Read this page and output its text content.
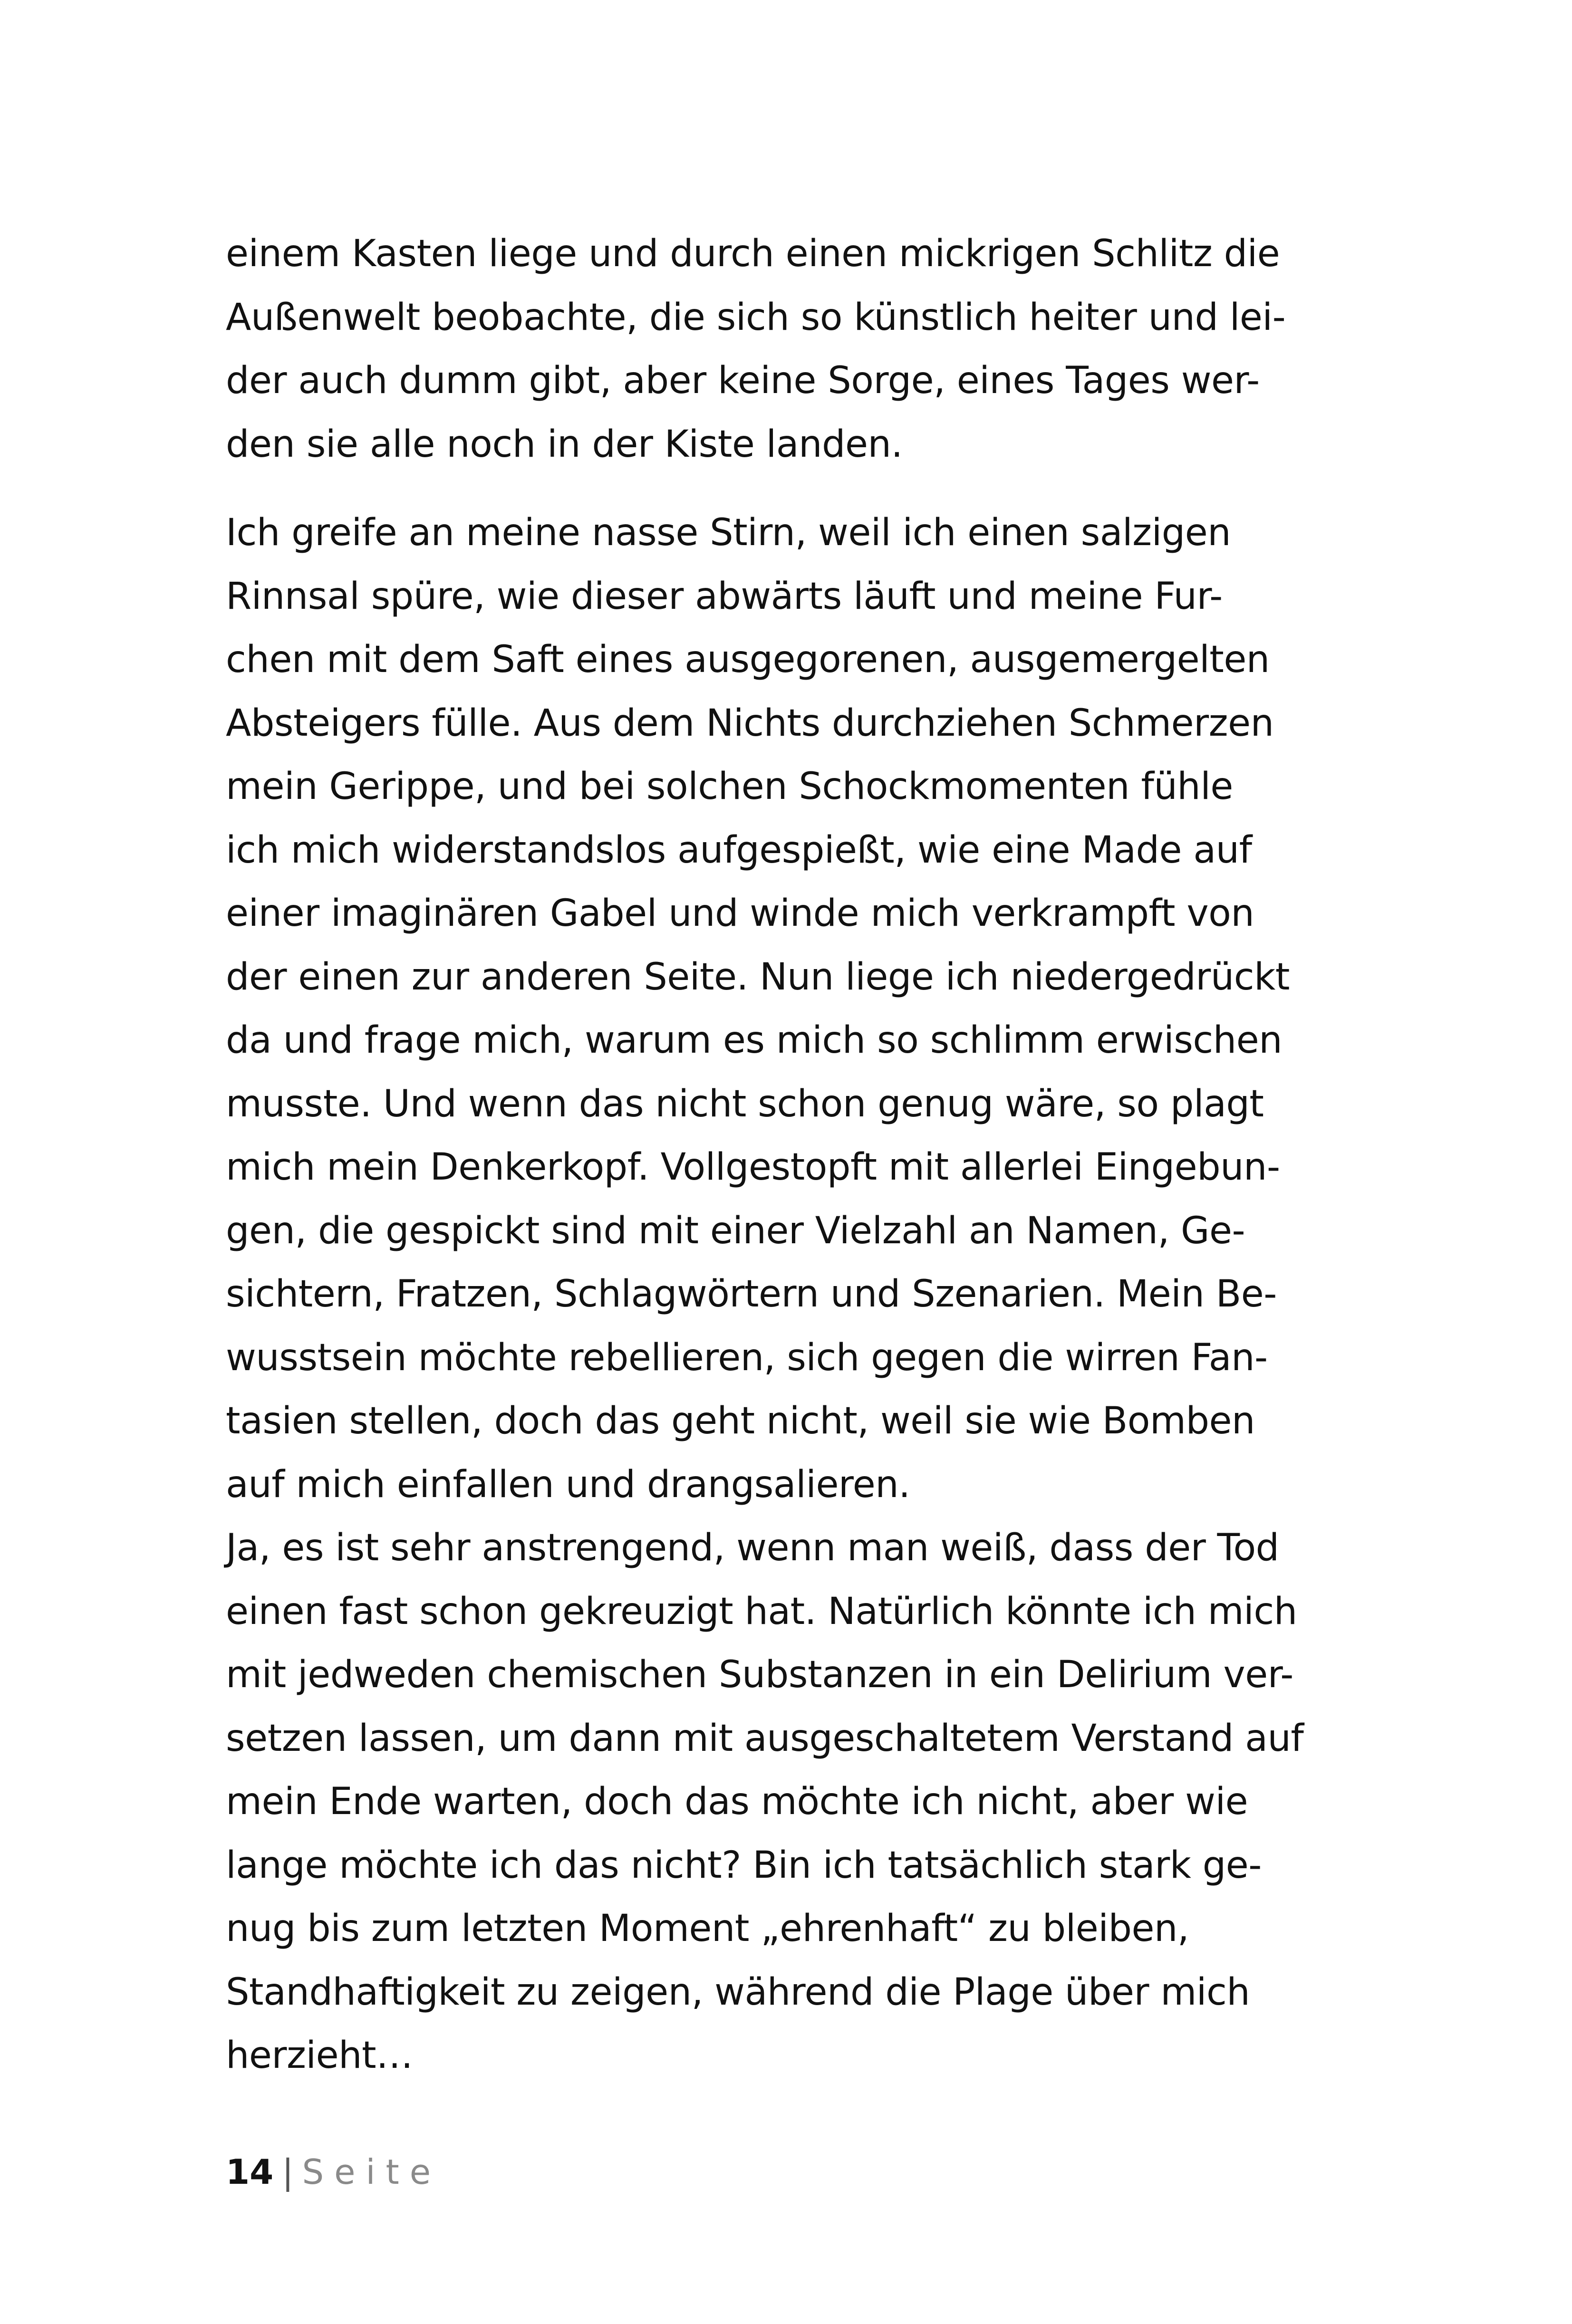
einem Kasten liege und durch einen mickrigen Schlitz die
Außenwelt beobachte, die sich so künstlich heiter und lei-
der auch dumm gibt, aber keine Sorge, eines Tages wer-
den sie alle noch in der Kiste landen.

Ich greife an meine nasse Stirn, weil ich einen salzigen
Rinnsal spüre, wie dieser abwärts läuft und meine Fur-
chen mit dem Saft eines ausgegorenen, ausgemergelten
Absteigers fülle. Aus dem Nichts durchziehen Schmerzen
mein Gerippe, und bei solchen Schockmomenten fühle
ich mich widerstandslos aufgespießt, wie eine Made auf
einer imaginären Gabel und winde mich verkrampft von
der einen zur anderen Seite. Nun liege ich niedergedrückt
da und frage mich, warum es mich so schlimm erwischen
musste. Und wenn das nicht schon genug wäre, so plagt
mich mein Denkerkopf. Vollgestopft mit allerlei Eingebun-
gen, die gespickt sind mit einer Vielzahl an Namen, Ge-
sichtern, Fratzen, Schlagwörtern und Szenarien. Mein Be-
wusstsein möchte rebellieren, sich gegen die wirren Fan-
tasien stellen, doch das geht nicht, weil sie wie Bomben
auf mich einfallen und drangsalieren.

Ja, es ist sehr anstrengend, wenn man weiß, dass der Tod
einen fast schon gekreuzigt hat. Natürlich könnte ich mich
mit jedweden chemischen Substanzen in ein Delirium ver-
setzen lassen, um dann mit ausgeschaltetem Verstand auf
mein Ende warten, doch das möchte ich nicht, aber wie
lange möchte ich das nicht? Bin ich tatsächlich stark ge-
nug bis zum letzten Moment „ehrenhaft“ zu bleiben,
Standhaftigkeit zu zeigen, während die Plage über mich
herzieht…

14 | Seite
